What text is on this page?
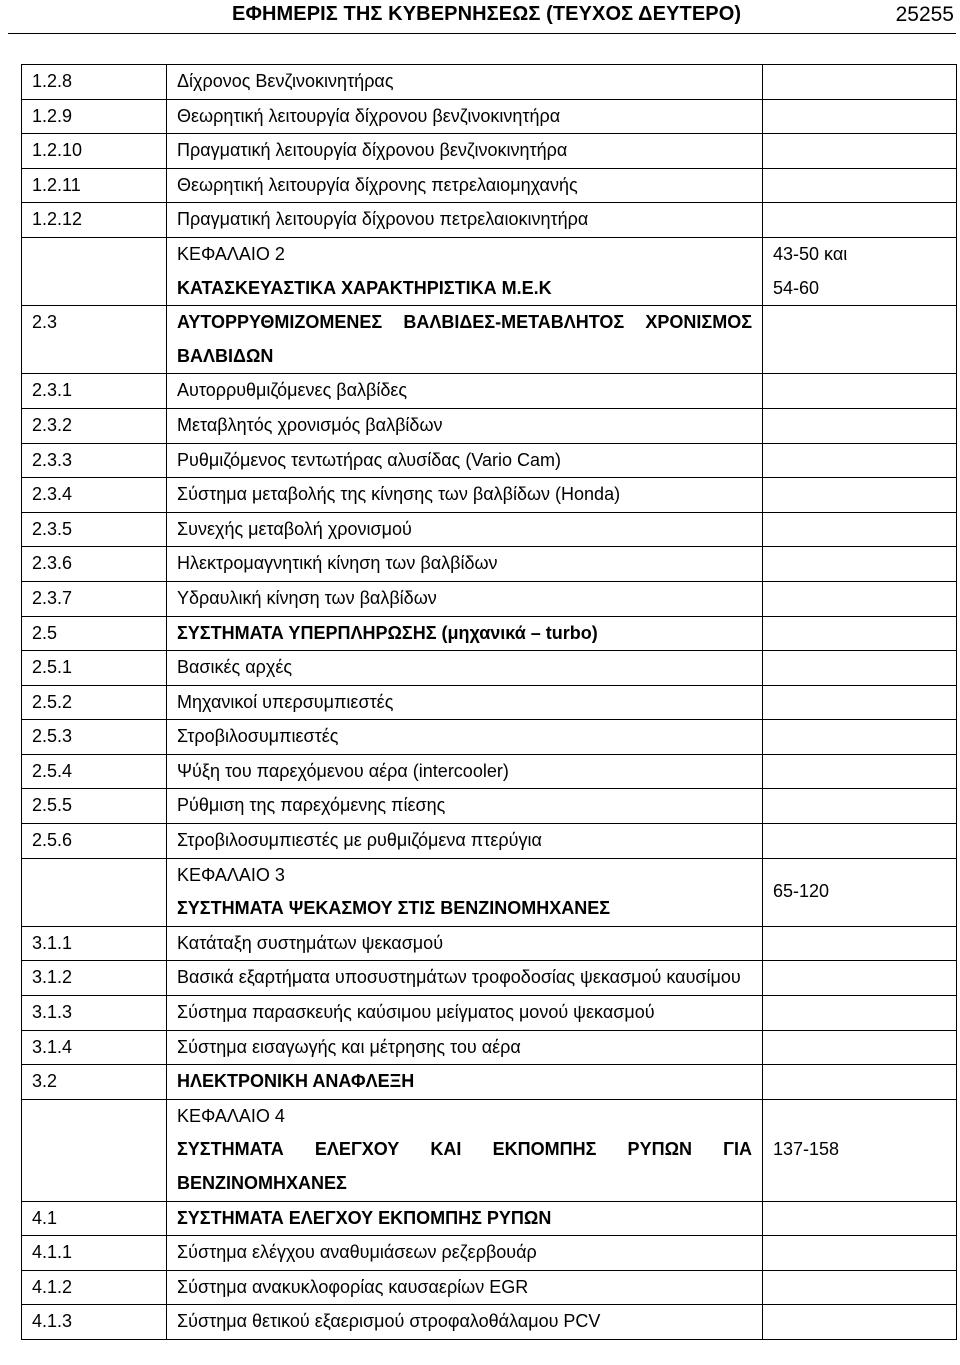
ΕΦΗΜΕΡΙΣ ΤΗΣ ΚΥΒΕΡΝΗΣΕΩΣ (ΤΕΥΧΟΣ ΔΕΥΤΕΡΟ)	25255
1.2.8	Δίχρονος Βενζινοκινητήρας	
1.2.9	Θεωρητική λειτουργία δίχρονου βενζινοκινητήρα	
1.2.10	Πραγματική λειτουργία δίχρονου βενζινοκινητήρα	
1.2.11	Θεωρητική λειτουργία δίχρονης πετρελαιομηχανής	
1.2.12	Πραγματική λειτουργία δίχρονου πετρελαιοκινητήρα	

	ΚΕΦΑΛΑΙΟ 2
ΚΑΤΑΣΚΕΥΑΣΤΙΚΑ ΧΑΡΑΚΤΗΡΙΣΤΙΚΑ Μ.Ε.Κ	43-50 και
54-60

2.3	ΑΥΤΟΡΡΥΘΜΙΖΟΜΕΝΕΣ ΒΑΛΒΙΔΕΣ-ΜΕΤΑΒΛΗΤΟΣ ΧΡΟΝΙΣΜΟΣ ΒΑΛΒΙΔΩΝ	
2.3.1	Αυτορρυθμιζόμενες βαλβίδες	
2.3.2	Μεταβλητός χρονισμός βαλβίδων	
2.3.3	Ρυθμιζόμενος τεντωτήρας αλυσίδας (Vario Cam)	
2.3.4	Σύστημα μεταβολής της κίνησης των βαλβίδων (Honda)	
2.3.5	Συνεχής μεταβολή χρονισμού	
2.3.6	Ηλεκτρομαγνητική κίνηση των βαλβίδων	
2.3.7	Υδραυλική κίνηση των βαλβίδων	
2.5	ΣΥΣΤΗΜΑΤΑ ΥΠΕΡΠΛΗΡΩΣΗΣ (μηχανικά – turbo)	
2.5.1	Βασικές αρχές	
2.5.2	Μηχανικοί υπερσυμπιεστές	
2.5.3	Στροβιλοσυμπιεστές	
2.5.4	Ψύξη του παρεχόμενου αέρα (intercooler)	
2.5.5	Ρύθμιση της παρεχόμενης πίεσης	
2.5.6	Στροβιλοσυμπιεστές με ρυθμιζόμενα πτερύγια	

	ΚΕΦΑΛΑΙΟ 3
ΣΥΣΤΗΜΑΤΑ ΨΕΚΑΣΜΟΥ ΣΤΙΣ ΒΕΝΖΙΝΟΜΗΧΑΝΕΣ	65-120
3.1.1	Κατάταξη συστημάτων ψεκασμού	
3.1.2	Βασικά εξαρτήματα υποσυστημάτων τροφοδοσίας ψεκασμού καυσίμου	
3.1.3	Σύστημα παρασκευής καύσιμου μείγματος μονού ψεκασμού	
3.1.4	Σύστημα εισαγωγής και μέτρησης του αέρα	
3.2	ΗΛΕΚΤΡΟΝΙΚΗ ΑΝΑΦΛΕΞΗ	

	ΚΕΦΑΛΑΙΟ 4
ΣΥΣΤΗΜΑΤΑ ΕΛΕΓΧΟΥ ΚΑΙ ΕΚΠΟΜΠΗΣ ΡΥΠΩΝ ΓΙΑ ΒΕΝΖΙΝΟΜΗΧΑΝΕΣ	137-158
4.1	ΣΥΣΤΗΜΑΤΑ ΕΛΕΓΧΟΥ ΕΚΠΟΜΠΗΣ ΡΥΠΩΝ	
4.1.1	Σύστημα ελέγχου αναθυμιάσεων ρεζερβουάρ	
4.1.2	Σύστημα ανακυκλοφορίας καυσαερίων EGR	
4.1.3	Σύστημα θετικού εξαερισμού στροφαλοθάλαμου PCV	
